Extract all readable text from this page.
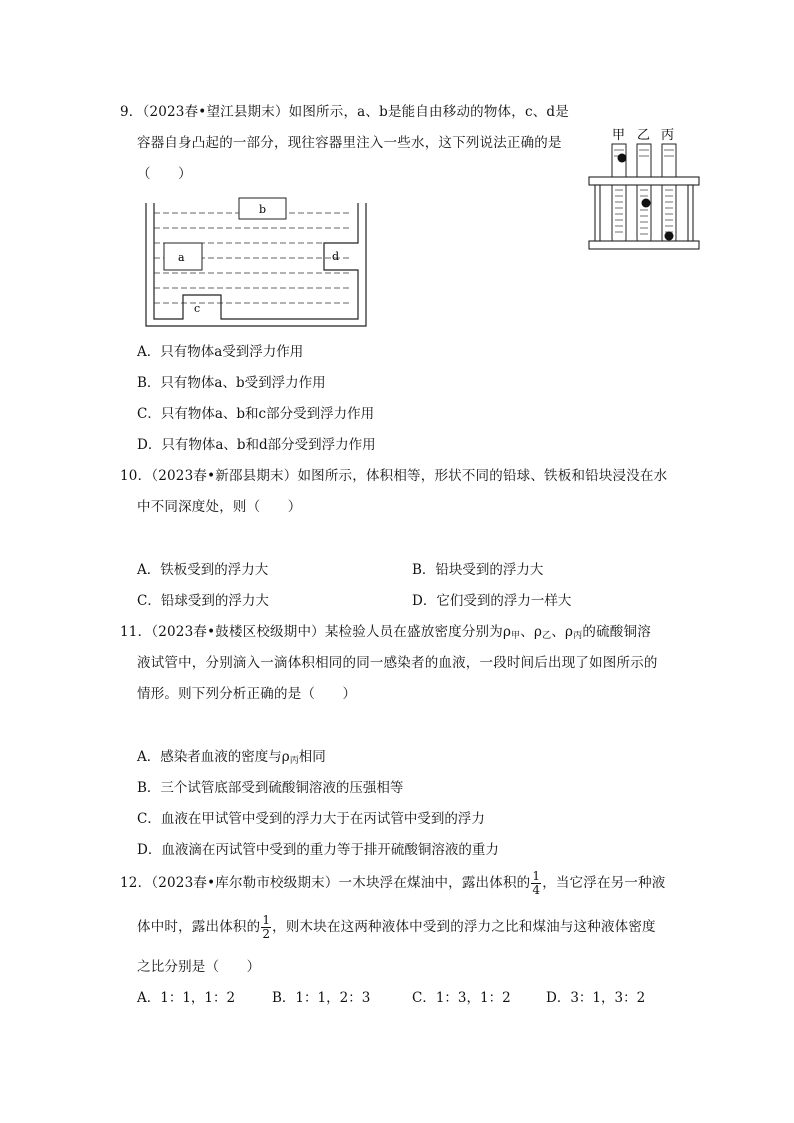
9．（2023春•望江县期末）如图所示，a、b是能自由移动的物体，c、d是
容器自身凸起的一部分，现往容器里注入一些水，这下列说法正确的是
（　　）
b
a	d
c
甲 乙 丙
A．只有物体a受到浮力作用
B．只有物体a、b受到浮力作用
C．只有物体a、b和c部分受到浮力作用
D．只有物体a、b和d部分受到浮力作用
10．（2023春•新邵县期末）如图所示，体积相等，形状不同的铅球、铁板和铅块浸没在水
中不同深度处，则（　　）
A．铁板受到的浮力大	B．铅块受到的浮力大
C．铅球受到的浮力大	D．它们受到的浮力一样大
11．（2023春•鼓楼区校级期中）某检验人员在盛放密度分别为$\rho_甲$、$\rho_乙$、$\rho_丙$的硫酸铜溶
液试管中，分别滴入一滴体积相同的同一感染者的血液，一段时间后出现了如图所示的
情形。则下列分析正确的是（　　）
A．感染者血液的密度与$\rho_丙$相同
B．三个试管底部受到硫酸铜溶液的压强相等
C．血液在甲试管中受到的浮力大于在丙试管中受到的浮力
D．血液滴在丙试管中受到的重力等于排开硫酸铜溶液的重力
12．（2023春•库尔勒市校级期末）一木块浮在煤油中，露出体积的 $\frac{1}{4}$ ，当它浮在另一种液
体中时，露出体积的 $\frac{1}{2}$ ，则木块在这两种液体中受到的浮力之比和煤油与这种液体密度
之比分别是（　　）
A．1：1，1：2	B．1：1，2：3	C．1：3，1：2	D．3：1，3：2
